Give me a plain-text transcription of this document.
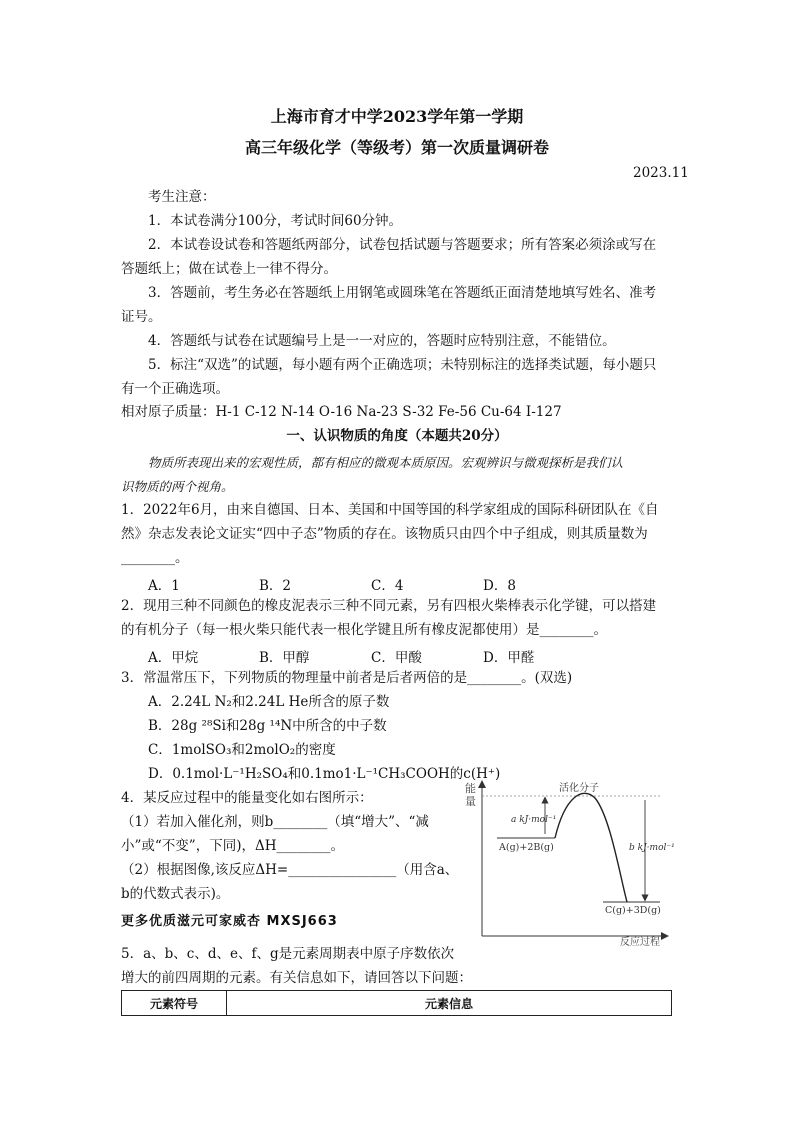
上海市育才中学2023学年第一学期
高三年级化学（等级考）第一次质量调研卷
2023.11
考生注意：
1．本试卷满分100分，考试时间60分钟。
2．本试卷设试卷和答题纸两部分，试卷包括试题与答题要求；所有答案必须涂或写在
答题纸上；做在试卷上一律不得分。
3．答题前，考生务必在答题纸上用钢笔或圆珠笔在答题纸正面清楚地填写姓名、准考
证号。
4．答题纸与试卷在试题编号上是一一对应的，答题时应特别注意，不能错位。
5．标注“双选”的试题，每小题有两个正确选项；未特别标注的选择类试题，每小题只
有一个正确选项。
相对原子质量：H-1 C-12 N-14 O-16 Na-23 S-32 Fe-56 Cu-64 I-127
一、认识物质的角度（本题共20分）
物质所表现出来的宏观性质，都有相应的微观本质原因。宏观辨识与微观探析是我们认
识物质的两个视角。
1．2022年6月，由来自德国、日本、美国和中国等国的科学家组成的国际科研团队在《自
然》杂志发表论文证实“四中子态”物质的存在。该物质只由四个中子组成，则其质量数为
________。
A．1	B．2	C．4	D．8
2．现用三种不同颜色的橡皮泥表示三种不同元素，另有四根火柴棒表示化学键，可以搭建
的有机分子（每一根火柴只能代表一根化学键且所有橡皮泥都使用）是________。
A．甲烷	B．甲醇	C．甲酸	D．甲醛
3．常温常压下，下列物质的物理量中前者是后者两倍的是________。(双选)
A．2.24L N₂和2.24L He所含的原子数
B．28g ²⁸Si和28g ¹⁴N中所含的中子数
C．1molSO₃和2molO₂的密度
D．0.1mol·L⁻¹H₂SO₄和0.1mo1·L⁻¹CH₃COOH的c(H⁺)
4．某反应过程中的能量变化如右图所示：
（1）若加入催化剂，则b________（填“增大”、“减
小”或“不变”，下同)，ΔH________。
（2）根据图像,该反应ΔH=________________（用含a、
b的代数式表示)。
更多优质滋元可家威杏 MXSJ663
5．a、b、c、d、e、f、g是元素周期表中原子序数依次
增大的前四周期的元素。有关信息如下，请回答以下问题：
元素符号	元素信息
能
量
反应过程
活化分子
A(g)+2B(g)
C(g)+3D(g)
a kJ·mol⁻¹
b kJ·mol⁻¹
